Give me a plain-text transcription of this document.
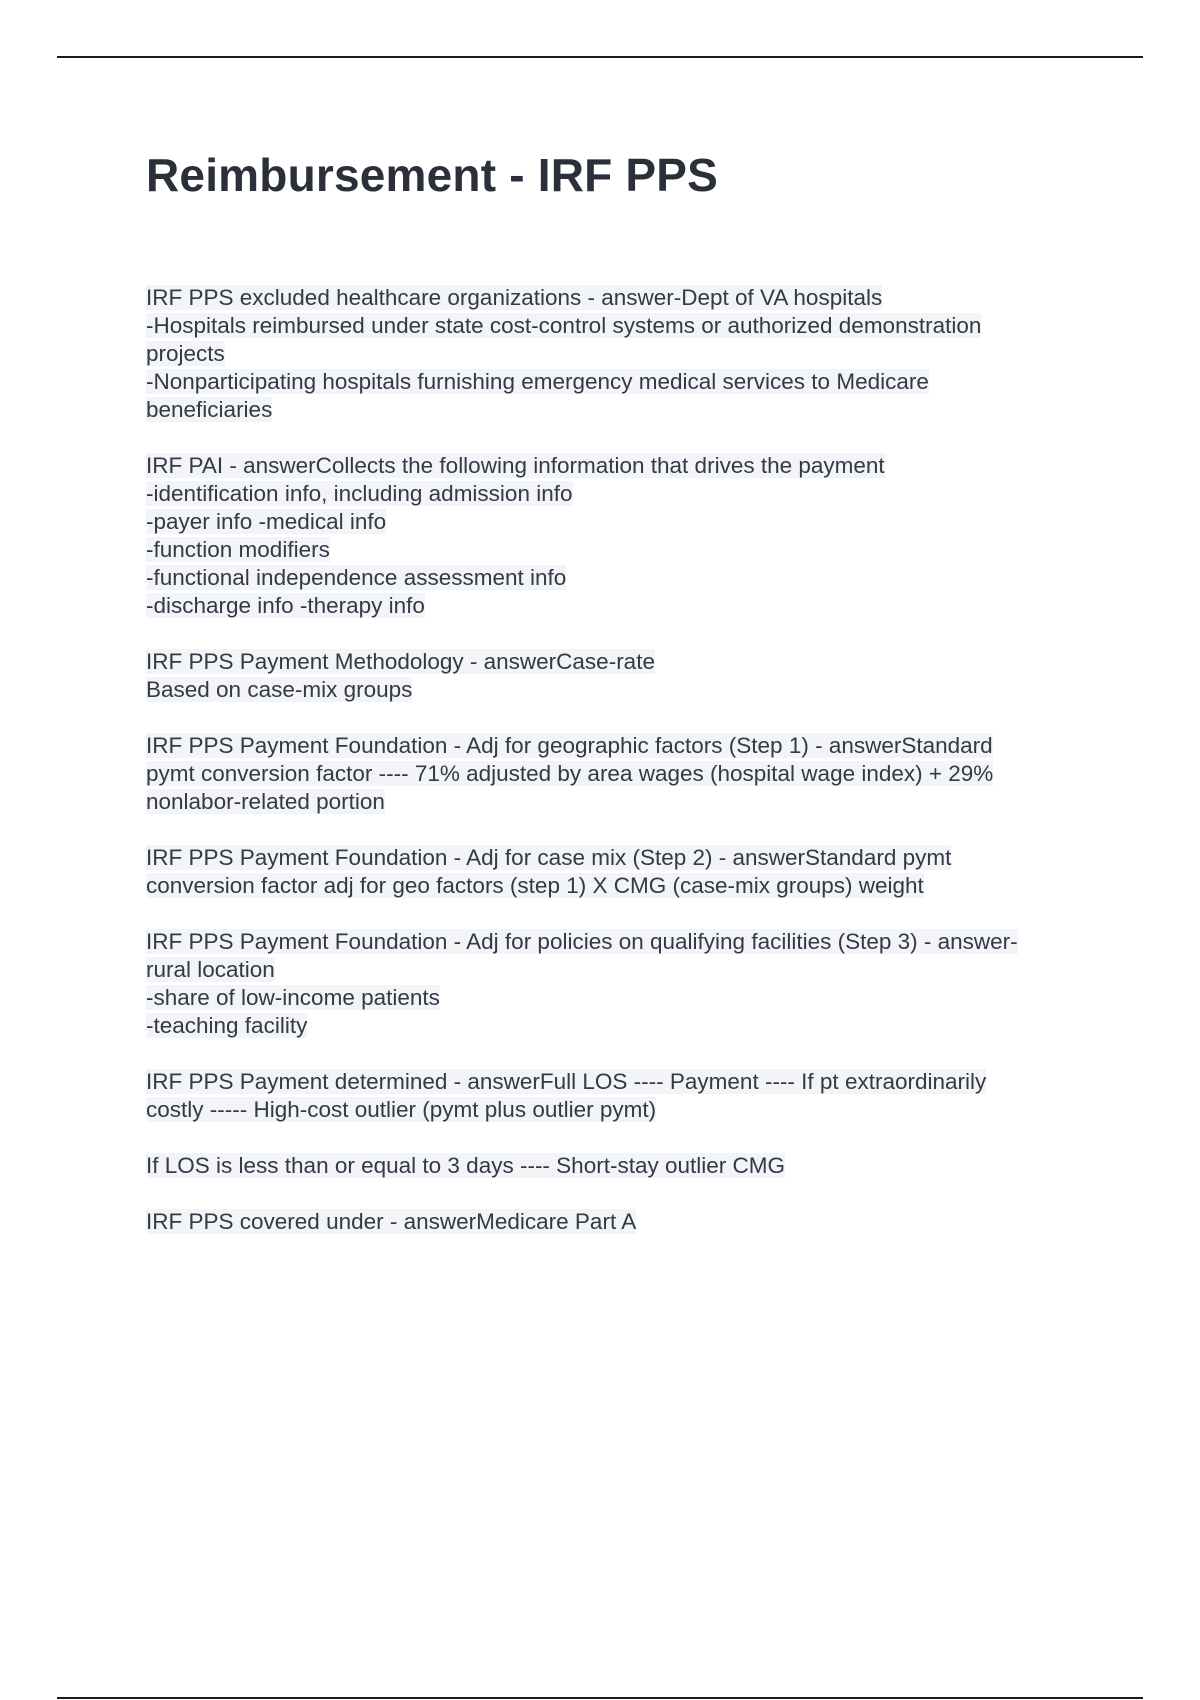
Reimbursement - IRF PPS
IRF PPS excluded healthcare organizations - answer-Dept of VA hospitals
-Hospitals reimbursed under state cost-control systems or authorized demonstration
projects
-Nonparticipating hospitals furnishing emergency medical services to Medicare
beneficiaries
IRF PAI - answerCollects the following information that drives the payment
-identification info, including admission info
-payer info -medical info
-function modifiers
-functional independence assessment info
-discharge info -therapy info
IRF PPS Payment Methodology - answerCase-rate
Based on case-mix groups
IRF PPS Payment Foundation - Adj for geographic factors (Step 1) - answerStandard
pymt conversion factor ---- 71% adjusted by area wages (hospital wage index) + 29%
nonlabor-related portion
IRF PPS Payment Foundation - Adj for case mix (Step 2) - answerStandard pymt
conversion factor adj for geo factors (step 1) X CMG (case-mix groups) weight
IRF PPS Payment Foundation - Adj for policies on qualifying facilities (Step 3) - answer-
rural location
-share of low-income patients
-teaching facility
IRF PPS Payment determined - answerFull LOS ---- Payment ---- If pt extraordinarily
costly ----- High-cost outlier (pymt plus outlier pymt)
If LOS is less than or equal to 3 days ---- Short-stay outlier CMG
IRF PPS covered under - answerMedicare Part A
